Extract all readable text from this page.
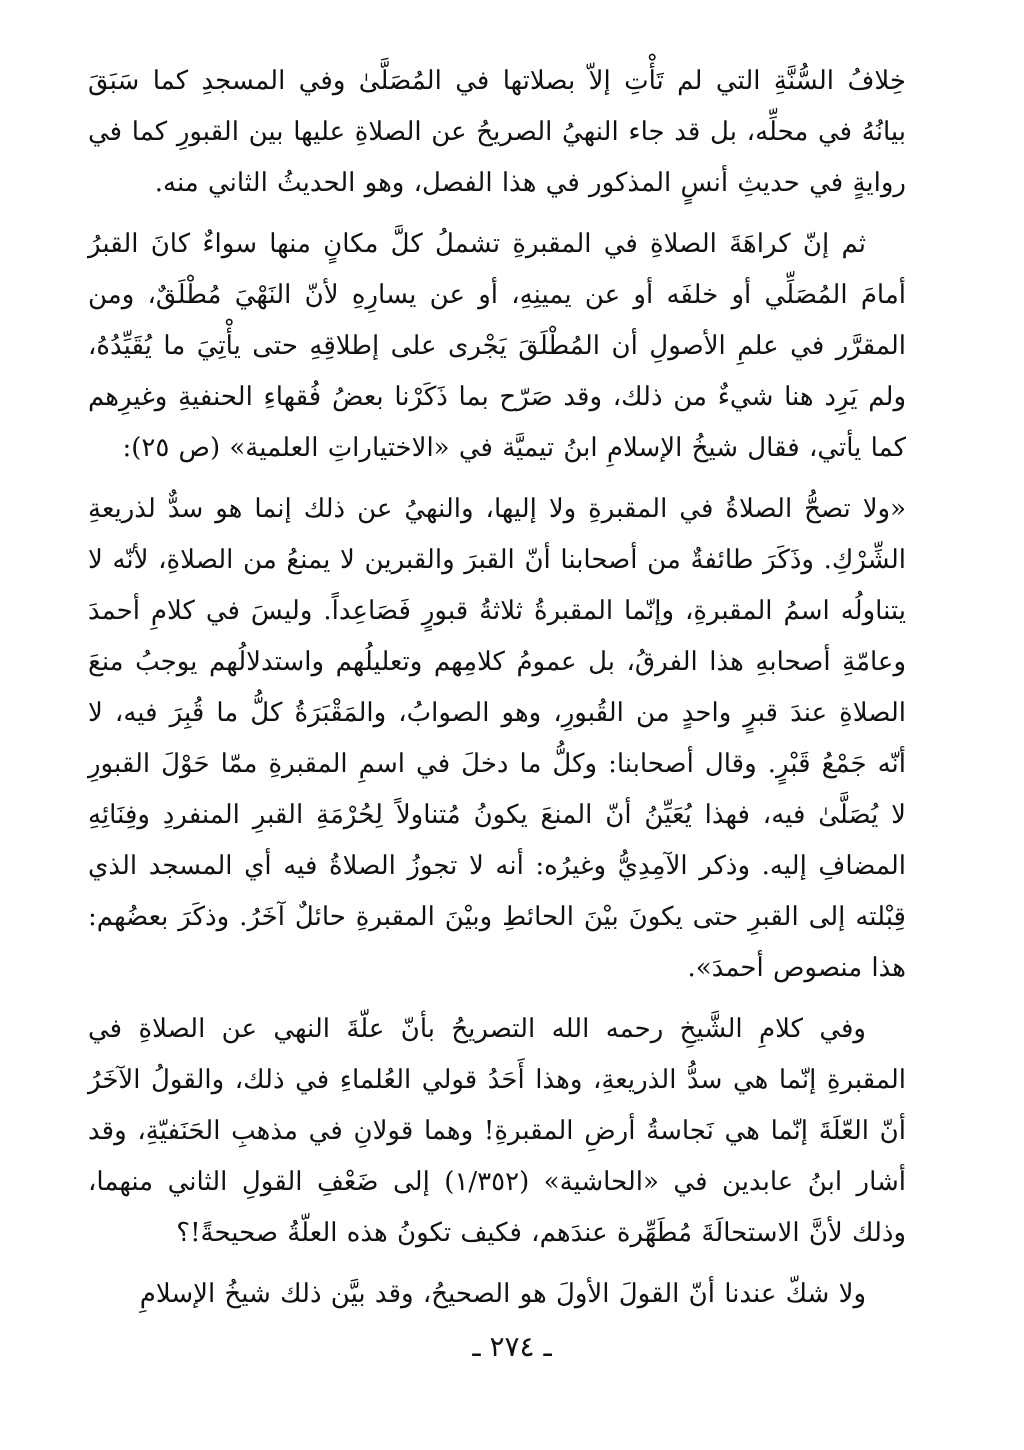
خِلافُ السُّنَّةِ التي لم تَأْتِ إلاّ بصلاتها في المُصَلَّىٰ وفي المسجدِ كما سَبَقَ بيانُهُ في محلِّه، بل قد جاء النهيُ الصريحُ عن الصلاةِ عليها بين القبورِ كما في روايةٍ في حديثِ أنسٍ المذكور في هذا الفصل، وهو الحديثُ الثاني منه.

ثم إنّ كراهَةَ الصلاةِ في المقبرةِ تشملُ كلَّ مكانٍ منها سواءٌ كانَ القبرُ أمامَ المُصَلِّي أو خلفَه أو عن يمينِهِ، أو عن يسارِهِ لأنّ النَهْيَ مُطْلَقٌ، ومن المقرَّر في علمِ الأصولِ أن المُطْلَقَ يَجْرى على إطلاقِهِ حتى يأْتِيَ ما يُقَيِّدُهُ، ولم يَرِد هنا شيءٌ من ذلك، وقد صَرّح بما ذَكَرْنا بعضُ فُقهاءِ الحنفيةِ وغيرِهم كما يأتي، فقال شيخُ الإسلامِ ابنُ تيميَّة في «الاختياراتِ العلمية» (ص ٢٥):

«ولا تصحُّ الصلاةُ في المقبرةِ ولا إليها، والنهيُ عن ذلك إنما هو سدٌّ لذريعةِ الشِّرْكِ. وذَكَرَ طائفةٌ من أصحابنا أنّ القبرَ والقبرين لا يمنعُ من الصلاةِ، لأنّه لا يتناولُه اسمُ المقبرةِ، وإنّما المقبرةُ ثلاثةُ قبورٍ فَصَاعِداً. وليسَ في كلامِ أحمدَ وعامّةِ أصحابهِ هذا الفرقُ، بل عمومُ كلامِهم وتعليلُهم واستدلالُهم يوجبُ منعَ الصلاةِ عندَ قبرٍ واحدٍ من القُبورِ، وهو الصوابُ، والمَقْبَرَةُ كلُّ ما قُبِرَ فيه، لا أنّه جَمْعُ قَبْرٍ. وقال أصحابنا: وكلُّ ما دخلَ في اسمِ المقبرةِ ممّا حَوْلَ القبورِ لا يُصَلَّىٰ فيه، فهذا يُعَيِّنُ أنّ المنعَ يكونُ مُتناولاً لِحُرْمَةِ القبرِ المنفردِ وفِنَائِهِ المضافِ إليه. وذكر الآمِدِيُّ وغيرُه: أنه لا تجوزُ الصلاةُ فيه أي المسجد الذي قِبْلته إلى القبرِ حتى يكونَ بيْنَ الحائطِ وبيْنَ المقبرةِ حائلٌ آخَرُ. وذكَرَ بعضُهم: هذا منصوص أحمدَ».

وفي كلامِ الشَّيخِ رحمه الله التصريحُ بأنّ علّةَ النهي عن الصلاةِ في المقبرةِ إنّما هي سدُّ الذريعةِ، وهذا أَحَدُ قولي العُلماءِ في ذلك، والقولُ الآخَرُ أنّ العّلَةَ إنّما هي نَجاسةُ أرضِ المقبرةِ! وهما قولانِ في مذهبِ الحَنَفيّةِ، وقد أشار ابنُ عابدين في «الحاشية» (١/٣٥٢) إلى ضَعْفِ القولِ الثاني منهما، وذلك لأنَّ الاستحالَةَ مُطَهِّرة عندَهم، فكيف تكونُ هذه العلّةُ صحيحةً!؟

ولا شكّ عندنا أنّ القولَ الأولَ هو الصحيحُ، وقد بيَّن ذلك شيخُ الإسلامِ

ـ ٢٧٤ ـ
